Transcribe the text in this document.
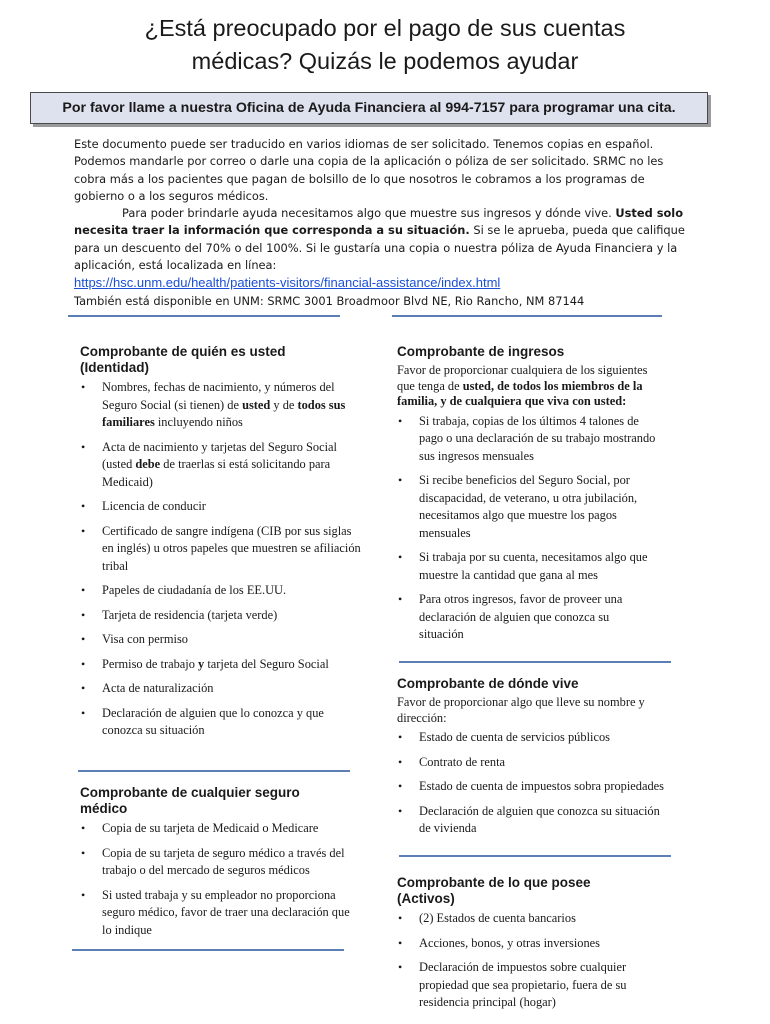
¿Está preocupado por el pago de sus cuentas
médicas? Quizás le podemos ayudar
Por favor llame a nuestra Oficina de Ayuda Financiera al 994-7157 para programar una cita.

Este documento puede ser traducido en varios idiomas de ser solicitado. Tenemos copias en español. Podemos mandarle por correo o darle una copia de la aplicación o póliza de ser solicitado. SRMC no les cobra más a los pacientes que pagan de bolsillo de lo que nosotros le cobramos a los programas de gobierno o a los seguros médicos.

Para poder brindarle ayuda necesitamos algo que muestre sus ingresos y dónde vive. Usted solo necesita traer la información que corresponda a su situación. Si se le aprueba, pueda que califique para un descuento del 70% o del 100%. Si le gustaría una copia o nuestra póliza de Ayuda Financiera y la aplicación, está localizada en línea:

https://hsc.unm.edu/health/patients-visitors/financial-assistance/index.html

También está disponible en UNM: SRMC 3001 Broadmoor Blvd NE, Rio Rancho, NM 87144

Comprobante de quién es usted
(Identidad)
• Nombres, fechas de nacimiento, y números del Seguro Social (si tienen) de usted y de todos sus familiares incluyendo niños
• Acta de nacimiento y tarjetas del Seguro Social (usted debe de traerlas si está solicitando para Medicaid)
• Licencia de conducir
• Certificado de sangre indígena (CIB por sus siglas en inglés) u otros papeles que muestren se afiliación tribal
• Papeles de ciudadanía de los EE.UU.
• Tarjeta de residencia (tarjeta verde)
• Visa con permiso
• Permiso de trabajo y tarjeta del Seguro Social
• Acta de naturalización
• Declaración de alguien que lo conozca y que conozca su situación
Comprobante de cualquier seguro
médico
• Copia de su tarjeta de Medicaid o Medicare
• Copia de su tarjeta de seguro médico a través del trabajo o del mercado de seguros médicos
• Si usted trabaja y su empleador no proporciona seguro médico, favor de traer una declaración que lo indique
Comprobante de ingresos
Favor de proporcionar cualquiera de los siguientes que tenga de usted, de todos los miembros de la familia, y de cualquiera que viva con usted:
• Si trabaja, copias de los últimos 4 talones de pago o una declaración de su trabajo mostrando sus ingresos mensuales
• Si recibe beneficios del Seguro Social, por discapacidad, de veterano, u otra jubilación, necesitamos algo que muestre los pagos mensuales
• Si trabaja por su cuenta, necesitamos algo que muestre la cantidad que gana al mes
• Para otros ingresos, favor de proveer una declaración de alguien que conozca su situación
Comprobante de dónde vive
Favor de proporcionar algo que lleve su nombre y dirección:
• Estado de cuenta de servicios públicos
• Contrato de renta
• Estado de cuenta de impuestos sobra propiedades
• Declaración de alguien que conozca su situación de vivienda
Comprobante de lo que posee
(Activos)
• (2) Estados de cuenta bancarios
• Acciones, bonos, y otras inversiones
• Declaración de impuestos sobre cualquier propiedad que sea propietario, fuera de su residencia principal (hogar)
